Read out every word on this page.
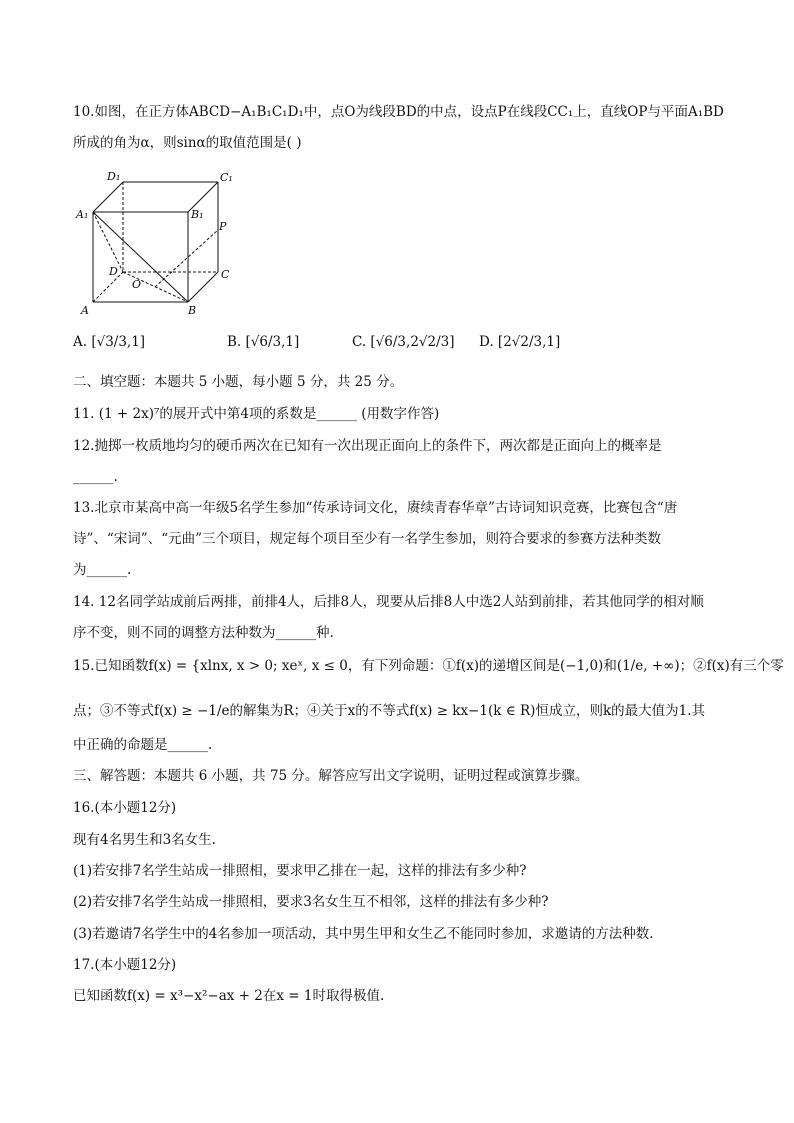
10.如图，在正方体ABCD−A₁B₁C₁D₁中，点O为线段BD的中点，设点P在线段CC₁上，直线OP与平面A₁BD
所成的角为α，则sinα的取值范围是( )
D₁	C₁
A₁	B₁
P
D	C
O
A	B
A. [√3/3,1]	B. [√6/3,1]	C. [√6/3,2√2/3] D. [2√2/3,1]
二、填空题：本题共 5 小题，每小题 5 分，共 25 分。
11. (1 + 2x)⁷的展开式中第4项的系数是______ (用数字作答)
12.抛掷一枚质地均匀的硬币两次在已知有一次出现正面向上的条件下，两次都是正面向上的概率是
______.
13.北京市某高中高一年级5名学生参加“传承诗词文化，赓续青春华章”古诗词知识竞赛，比赛包含“唐
诗”、“宋词”、“元曲”三个项目，规定每个项目至少有一名学生参加，则符合要求的参赛方法种类数
为______.
14. 12名同学站成前后两排，前排4人，后排8人，现要从后排8人中选2人站到前排，若其他同学的相对顺
序不变，则不同的调整方法种数为______种.
15.已知函数f(x) = {xlnx, x > 0; xeˣ, x ≤ 0，有下列命题：①f(x)的递增区间是(−1,0)和(1/e, +∞)；②f(x)有三个零
点；③不等式f(x) ≥ −1/e的解集为R；④关于x的不等式f(x) ≥ kx−1(k ∈ R)恒成立，则k的最大值为1.其
中正确的命题是______.
三、解答题：本题共 6 小题，共 75 分。解答应写出文字说明，证明过程或演算步骤。
16.(本小题12分)
现有4名男生和3名女生.
(1)若安排7名学生站成一排照相，要求甲乙排在一起，这样的排法有多少种?
(2)若安排7名学生站成一排照相，要求3名女生互不相邻，这样的排法有多少种?
(3)若邀请7名学生中的4名参加一项活动，其中男生甲和女生乙不能同时参加，求邀请的方法种数.
17.(本小题12分)
已知函数f(x) = x³−x²−ax + 2在x = 1时取得极值.
